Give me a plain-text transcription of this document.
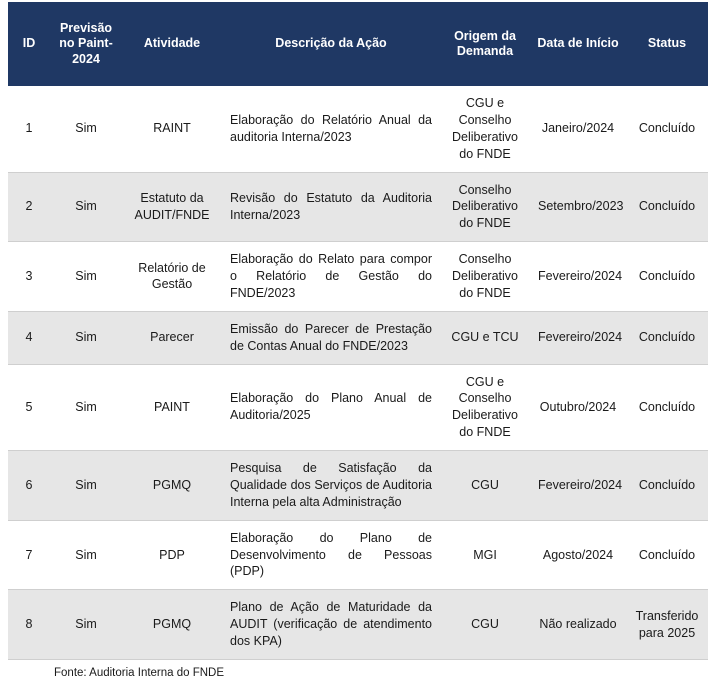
ID	Previsão no Paint-2024	Atividade	Descrição da Ação	Origem da Demanda	Data de Início	Status
1	Sim	RAINT	Elaboração do Relatório Anual da auditoria Interna/2023	CGU e Conselho Deliberativo do FNDE	Janeiro/2024	Concluído
2	Sim	Estatuto da AUDIT/FNDE	Revisão do Estatuto da Auditoria Interna/2023	Conselho Deliberativo do FNDE	Setembro/2023	Concluído
3	Sim	Relatório de Gestão	Elaboração do Relato para compor o Relatório de Gestão do FNDE/2023	Conselho Deliberativo do FNDE	Fevereiro/2024	Concluído
4	Sim	Parecer	Emissão do Parecer de Prestação de Contas Anual do FNDE/2023	CGU e TCU	Fevereiro/2024	Concluído
5	Sim	PAINT	Elaboração do Plano Anual de Auditoria/2025	CGU e Conselho Deliberativo do FNDE	Outubro/2024	Concluído
6	Sim	PGMQ	Pesquisa de Satisfação da Qualidade dos Serviços de Auditoria Interna pela alta Administração	CGU	Fevereiro/2024	Concluído
7	Sim	PDP	Elaboração do Plano de Desenvolvimento de Pessoas (PDP)	MGI	Agosto/2024	Concluído
8	Sim	PGMQ	Plano de Ação de Maturidade da AUDIT (verificação de atendimento dos KPA)	CGU	Não realizado	Transferido para 2025
Fonte: Auditoria Interna do FNDE
